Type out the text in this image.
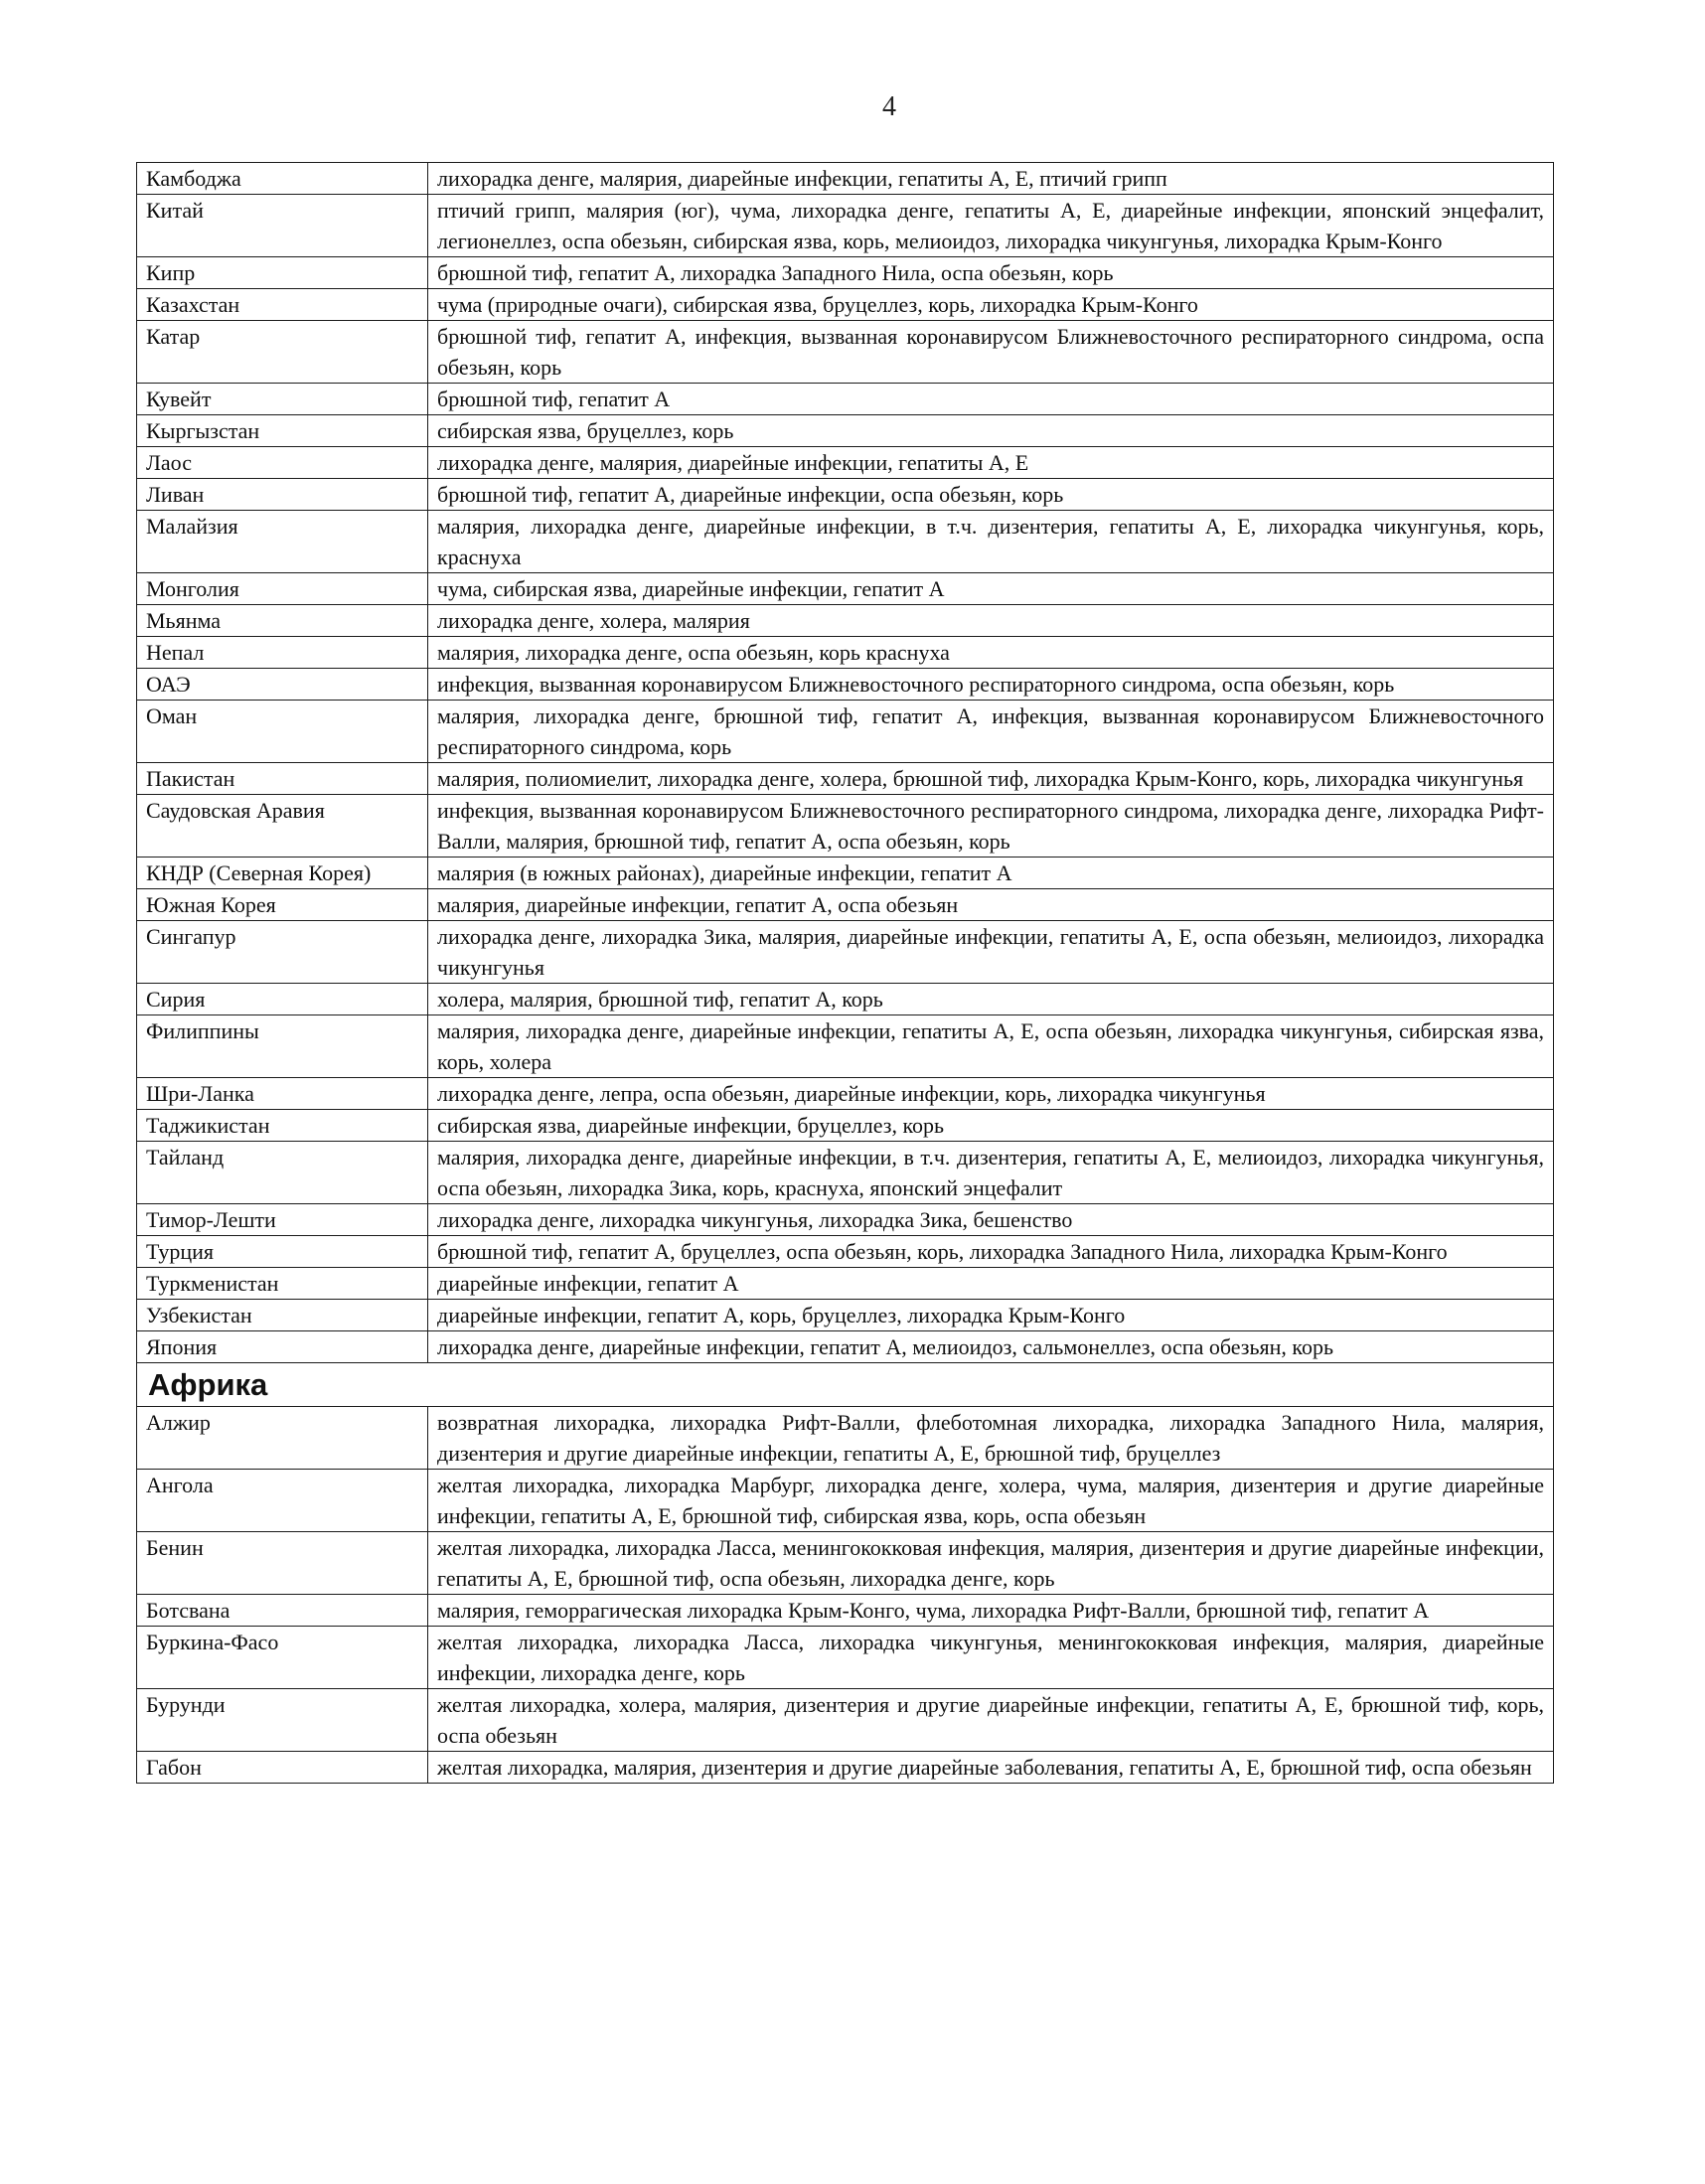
4
Камбоджа	лихорадка денге, малярия, диарейные инфекции, гепатиты А, Е, птичий грипп
Китай	птичий грипп, малярия (юг), чума, лихорадка денге, гепатиты А, Е, диарейные инфекции, японский энцефалит, легионеллез, оспа обезьян, сибирская язва, корь, мелиоидоз, лихорадка чикунгунья, лихорадка Крым-Конго
Кипр	брюшной тиф, гепатит А, лихорадка Западного Нила, оспа обезьян, корь
Казахстан	чума (природные очаги), сибирская язва, бруцеллез, корь, лихорадка Крым-Конго
Катар	брюшной тиф, гепатит А, инфекция, вызванная коронавирусом Ближневосточного респираторного синдрома, оспа обезьян, корь
Кувейт	брюшной тиф, гепатит А
Кыргызстан	сибирская язва, бруцеллез, корь
Лаос	лихорадка денге, малярия, диарейные инфекции, гепатиты А, Е
Ливан	брюшной тиф, гепатит А, диарейные инфекции, оспа обезьян, корь
Малайзия	малярия, лихорадка денге, диарейные инфекции, в т.ч. дизентерия, гепатиты А, Е, лихорадка чикунгунья, корь, краснуха
Монголия	чума, сибирская язва, диарейные инфекции, гепатит А
Мьянма	лихорадка денге, холера, малярия
Непал	малярия, лихорадка денге, оспа обезьян, корь краснуха
ОАЭ	инфекция, вызванная коронавирусом Ближневосточного респираторного синдрома, оспа обезьян, корь
Оман	малярия, лихорадка денге, брюшной тиф, гепатит А, инфекция, вызванная коронавирусом Ближневосточного респираторного синдрома, корь
Пакистан	малярия, полиомиелит, лихорадка денге, холера, брюшной тиф, лихорадка Крым-Конго, корь, лихорадка чикунгунья
Саудовская Аравия	инфекция, вызванная коронавирусом Ближневосточного респираторного синдрома, лихорадка денге, лихорадка Рифт-Валли, малярия, брюшной тиф, гепатит А, оспа обезьян, корь
КНДР (Северная Корея)	малярия (в южных районах), диарейные инфекции, гепатит А
Южная Корея	малярия, диарейные инфекции, гепатит А, оспа обезьян
Сингапур	лихорадка денге, лихорадка Зика, малярия, диарейные инфекции, гепатиты А, Е, оспа обезьян, мелиоидоз, лихорадка чикунгунья
Сирия	холера, малярия, брюшной тиф, гепатит А, корь
Филиппины	малярия, лихорадка денге, диарейные инфекции, гепатиты А, Е, оспа обезьян, лихорадка чикунгунья, сибирская язва, корь, холера
Шри-Ланка	лихорадка денге, лепра, оспа обезьян, диарейные инфекции, корь, лихорадка чикунгунья
Таджикистан	сибирская язва, диарейные инфекции, бруцеллез, корь
Тайланд	малярия, лихорадка денге, диарейные инфекции, в т.ч. дизентерия, гепатиты А, Е, мелиоидоз, лихорадка чикунгунья, оспа обезьян, лихорадка Зика, корь, краснуха, японский энцефалит
Тимор-Лешти	лихорадка денге, лихорадка чикунгунья, лихорадка Зика, бешенство
Турция	брюшной тиф, гепатит А, бруцеллез, оспа обезьян, корь, лихорадка Западного Нила, лихорадка Крым-Конго
Туркменистан	диарейные инфекции, гепатит А
Узбекистан	диарейные инфекции, гепатит А, корь, бруцеллез, лихорадка Крым-Конго
Япония	лихорадка денге, диарейные инфекции, гепатит А, мелиоидоз, сальмонеллез, оспа обезьян, корь
Африка	
Алжир	возвратная лихорадка, лихорадка Рифт-Валли, флеботомная лихорадка, лихорадка Западного Нила, малярия, дизентерия и другие диарейные инфекции, гепатиты А, Е, брюшной тиф, бруцеллез
Ангола	желтая лихорадка, лихорадка Марбург, лихорадка денге, холера, чума, малярия, дизентерия и другие диарейные инфекции, гепатиты А, Е, брюшной тиф, сибирская язва, корь, оспа обезьян
Бенин	желтая лихорадка, лихорадка Ласса, менингококковая инфекция, малярия, дизентерия и другие диарейные инфекции, гепатиты А, Е, брюшной тиф, оспа обезьян, лихорадка денге, корь
Ботсвана	малярия, геморрагическая лихорадка Крым-Конго, чума, лихорадка Рифт-Валли, брюшной тиф, гепатит А
Буркина-Фасо	желтая лихорадка, лихорадка Ласса, лихорадка чикунгунья, менингококковая инфекция, малярия, диарейные инфекции, лихорадка денге, корь
Бурунди	желтая лихорадка, холера, малярия, дизентерия и другие диарейные инфекции, гепатиты А, Е, брюшной тиф, корь, оспа обезьян
Габон	желтая лихорадка, малярия, дизентерия и другие диарейные заболевания, гепатиты А, Е, брюшной тиф, оспа обезьян
